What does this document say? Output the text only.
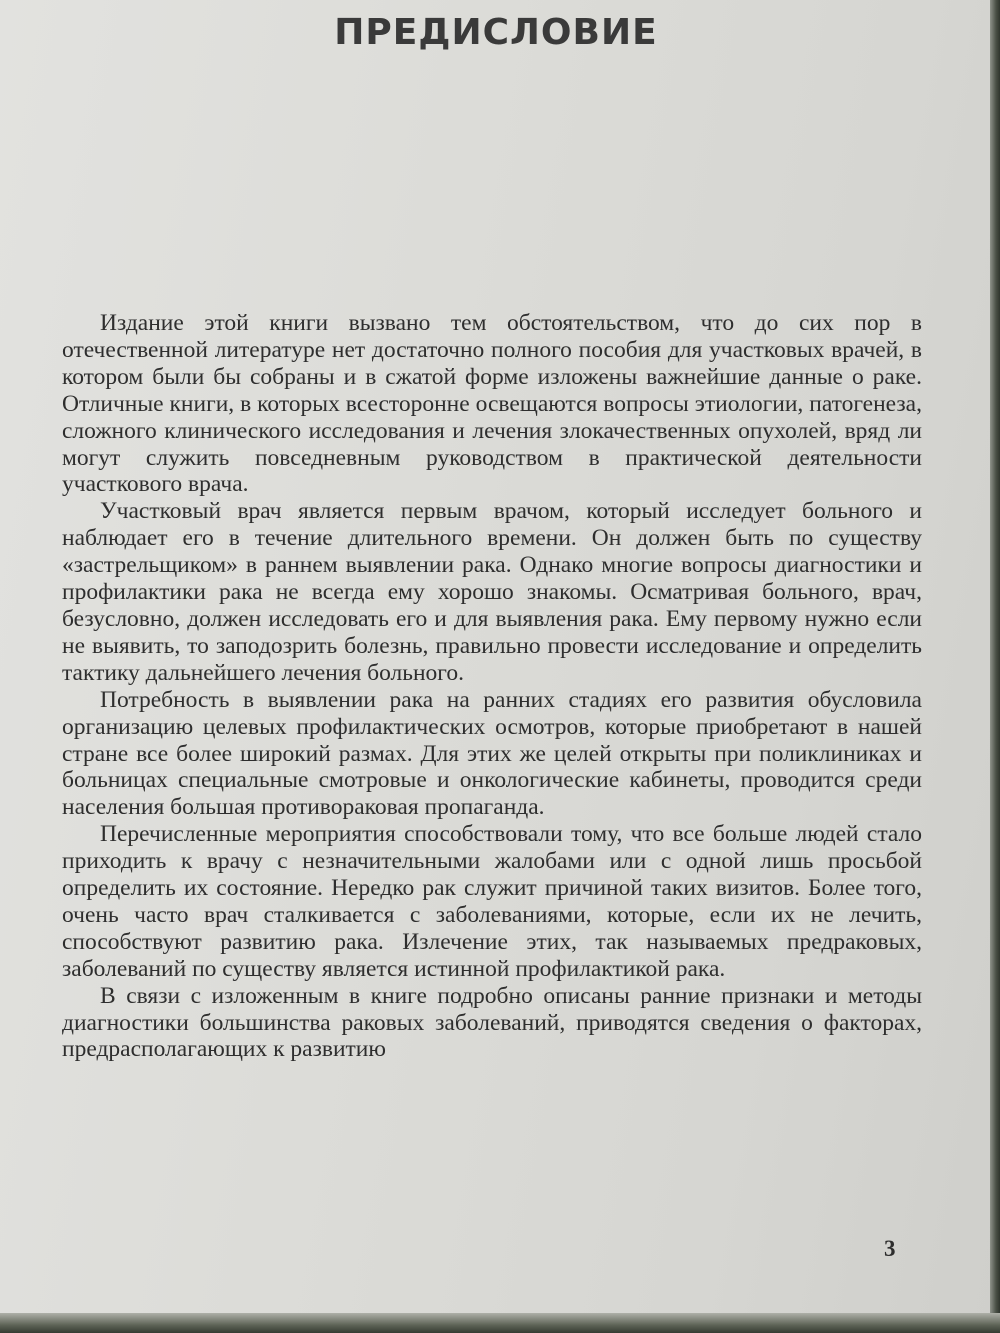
ПРЕДИСЛОВИЕ

Издание этой книги вызвано тем обстоятельством, что до сих пор в отечественной литературе нет достаточно полного пособия для участковых врачей, в котором были бы собраны и в сжатой форме изложены важнейшие данные о раке. Отличные книги, в которых всесторонне освещаются вопросы этиологии, патогенеза, сложного клинического исследования и лечения злокачественных опухолей, вряд ли могут служить повседневным руководством в практической деятельности участкового врача.

Участковый врач является первым врачом, который исследует больного и наблюдает его в течение длительного времени. Он должен быть по существу «застрельщиком» в раннем выявлении рака. Однако многие вопросы диагностики и профилактики рака не всегда ему хорошо знакомы. Осматривая больного, врач, безусловно, должен исследовать его и для выявления рака. Ему первому нужно если не выявить, то заподозрить болезнь, правильно провести исследование и определить тактику дальнейшего лечения больного.

Потребность в выявлении рака на ранних стадиях его развития обусловила организацию целевых профилактических осмотров, которые приобретают в нашей стране все более широкий размах. Для этих же целей открыты при поликлиниках и больницах специальные смотровые и онкологические кабинеты, проводится среди населения большая противораковая пропаганда.

Перечисленные мероприятия способствовали тому, что все больше людей стало приходить к врачу с незначительными жалобами или с одной лишь просьбой определить их состояние. Нередко рак служит причиной таких визитов. Более того, очень часто врач сталкивается с заболеваниями, которые, если их не лечить, способствуют развитию рака. Излечение этих, так называемых предраковых, заболеваний по существу является истинной профилактикой рака.

В связи с изложенным в книге подробно описаны ранние признаки и методы диагностики большинства раковых заболеваний, приводятся сведения о факторах, предрасполагающих к развитию

3
